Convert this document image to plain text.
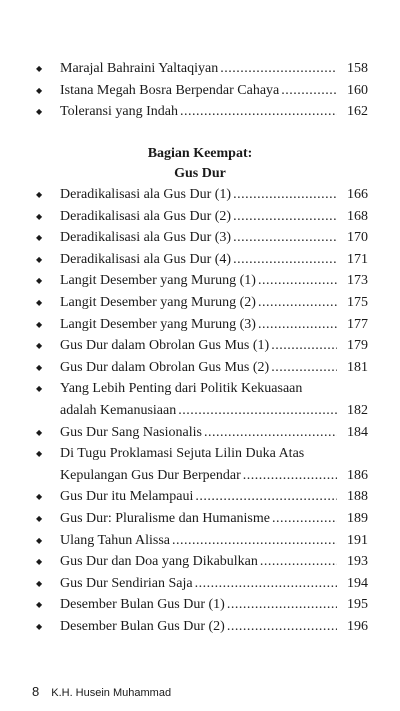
◆	Marajal Bahraini Yaltaqiyan .....	158
◆	Istana Megah Bosra Berpendar Cahaya .....	160
◆	Toleransi yang Indah .....	162
Bagian Keempat:
Gus Dur
◆	Deradikalisasi ala Gus Dur (1) .....	166
◆	Deradikalisasi ala Gus Dur (2) .....	168
◆	Deradikalisasi ala Gus Dur (3) .....	170
◆	Deradikalisasi ala Gus Dur (4) .....	171
◆	Langit Desember yang Murung (1) .....	173
◆	Langit Desember yang Murung (2) .....	175
◆	Langit Desember yang Murung (3) .....	177
◆	Gus Dur dalam Obrolan Gus Mus (1) .....	179
◆	Gus Dur dalam Obrolan Gus Mus (2) .....	181
◆	Yang Lebih Penting dari Politik Kekuasaan
adalah Kemanusiaan .....	182
◆	Gus Dur Sang Nasionalis .....	184
◆	Di Tugu Proklamasi Sejuta Lilin Duka Atas
Kepulangan Gus Dur Berpendar .....	186
◆	Gus Dur itu Melampaui .....	188
◆	Gus Dur: Pluralisme dan Humanisme .....	189
◆	Ulang Tahun Alissa .....	191
◆	Gus Dur dan Doa yang Dikabulkan .....	193
◆	Gus Dur Sendirian Saja .....	194
◆	Desember Bulan Gus Dur (1) .....	195
◆	Desember Bulan Gus Dur (2) .....	196
8 K.H. Husein Muhammad
